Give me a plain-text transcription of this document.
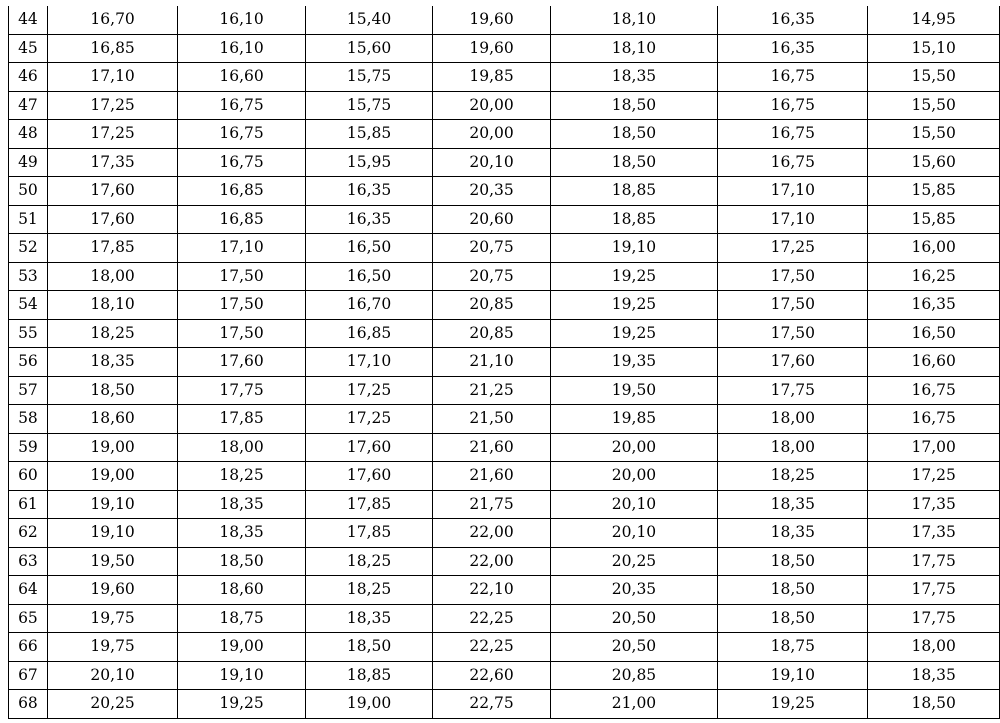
44	16,70	16,10	15,40	19,60	18,10	16,35	14,95
45	16,85	16,10	15,60	19,60	18,10	16,35	15,10
46	17,10	16,60	15,75	19,85	18,35	16,75	15,50
47	17,25	16,75	15,75	20,00	18,50	16,75	15,50
48	17,25	16,75	15,85	20,00	18,50	16,75	15,50
49	17,35	16,75	15,95	20,10	18,50	16,75	15,60
50	17,60	16,85	16,35	20,35	18,85	17,10	15,85
51	17,60	16,85	16,35	20,60	18,85	17,10	15,85
52	17,85	17,10	16,50	20,75	19,10	17,25	16,00
53	18,00	17,50	16,50	20,75	19,25	17,50	16,25
54	18,10	17,50	16,70	20,85	19,25	17,50	16,35
55	18,25	17,50	16,85	20,85	19,25	17,50	16,50
56	18,35	17,60	17,10	21,10	19,35	17,60	16,60
57	18,50	17,75	17,25	21,25	19,50	17,75	16,75
58	18,60	17,85	17,25	21,50	19,85	18,00	16,75
59	19,00	18,00	17,60	21,60	20,00	18,00	17,00
60	19,00	18,25	17,60	21,60	20,00	18,25	17,25
61	19,10	18,35	17,85	21,75	20,10	18,35	17,35
62	19,10	18,35	17,85	22,00	20,10	18,35	17,35
63	19,50	18,50	18,25	22,00	20,25	18,50	17,75
64	19,60	18,60	18,25	22,10	20,35	18,50	17,75
65	19,75	18,75	18,35	22,25	20,50	18,50	17,75
66	19,75	19,00	18,50	22,25	20,50	18,75	18,00
67	20,10	19,10	18,85	22,60	20,85	19,10	18,35
68	20,25	19,25	19,00	22,75	21,00	19,25	18,50
